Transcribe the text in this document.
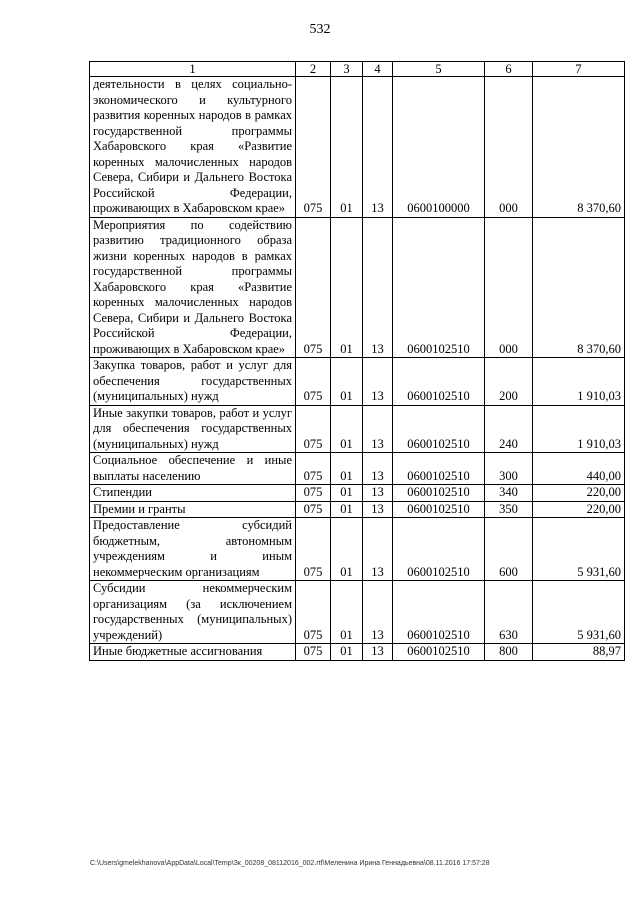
532
1	2	3	4	5	6	7
деятельности в целях социально-экономического и культурного развития коренных народов в рамках государственной программы Хабаровского края «Развитие коренных малочисленных народов Севера, Сибири и Дальнего Востока Российской Федерации, проживающих в Хабаровском крае»	075	01	13	0600100000	000	8 370,60
Мероприятия по содействию развитию традиционного образа жизни коренных народов в рамках государственной программы Хабаровского края «Развитие коренных малочисленных народов Севера, Сибири и Дальнего Востока Российской Федерации, проживающих в Хабаровском крае»	075	01	13	0600102510	000	8 370,60
Закупка товаров, работ и услуг для обеспечения государственных (муниципальных) нужд	075	01	13	0600102510	200	1 910,03
Иные закупки товаров, работ и услуг для обеспечения государственных (муниципальных) нужд	075	01	13	0600102510	240	1 910,03
Социальное обеспечение и иные выплаты населению	075	01	13	0600102510	300	440,00
Стипендии	075	01	13	0600102510	340	220,00
Премии и гранты	075	01	13	0600102510	350	220,00
Предоставление субсидий бюджетным, автономным учреждениям и иным некоммерческим организациям	075	01	13	0600102510	600	5 931,60
Субсидии некоммерческим организациям (за исключением государственных (муниципальных) учреждений)	075	01	13	0600102510	630	5 931,60
Иные бюджетные ассигнования	075	01	13	0600102510	800	88,97
C:\Users\gmelekhanova\AppData\Local\Temp\Зк_00208_08112016_002.rtf\Меленина Ирина Геннадьевна\08.11.2016 17:57:28
